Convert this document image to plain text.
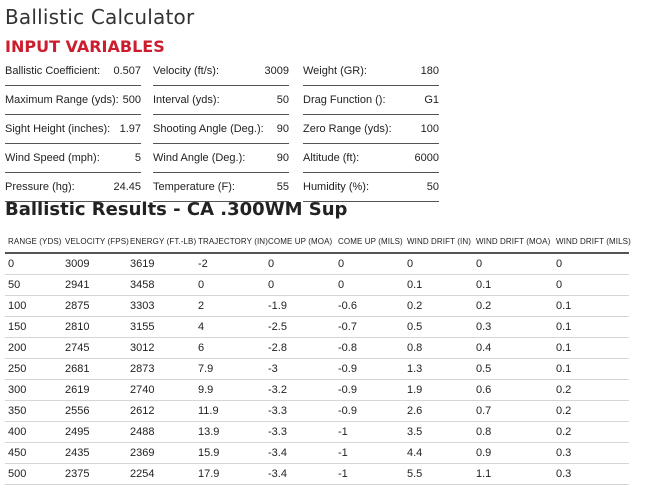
Ballistic Calculator
INPUT VARIABLES
Ballistic Coefficient: 0.507
Maximum Range (yds): 500
Sight Height (inches): 1.97
Wind Speed (mph):	5
Pressure (hg):	24.45
Velocity (ft/s):	3009
Interval (yds):	50
Shooting Angle (Deg.): 90
Wind Angle (Deg.):	90
Temperature (F):	55
Weight (GR):	180
Drag Function ():	G1
Zero Range (yds):	100
Altitude (ft):	6000
Humidity (%):	50
Ballistic Results - CA .300WM Sup
RANGE (YDS)	VELOCITY (FPS)	ENERGY (FT.-LB)	TRAJECTORY (IN)	COME UP (MOA)	COME UP (MILS)	WIND DRIFT (IN)	WIND DRIFT (MOA)	WIND DRIFT (MILS)
0	3009	3619	-2	0	0	0	0	0
50	2941	3458	0	0	0	0.1	0.1	0
100	2875	3303	2	-1.9	-0.6	0.2	0.2	0.1
150	2810	3155	4	-2.5	-0.7	0.5	0.3	0.1
200	2745	3012	6	-2.8	-0.8	0.8	0.4	0.1
250	2681	2873	7.9	-3	-0.9	1.3	0.5	0.1
300	2619	2740	9.9	-3.2	-0.9	1.9	0.6	0.2
350	2556	2612	11.9	-3.3	-0.9	2.6	0.7	0.2
400	2495	2488	13.9	-3.3	-1	3.5	0.8	0.2
450	2435	2369	15.9	-3.4	-1	4.4	0.9	0.3
500	2375	2254	17.9	-3.4	-1	5.5	1.1	0.3
